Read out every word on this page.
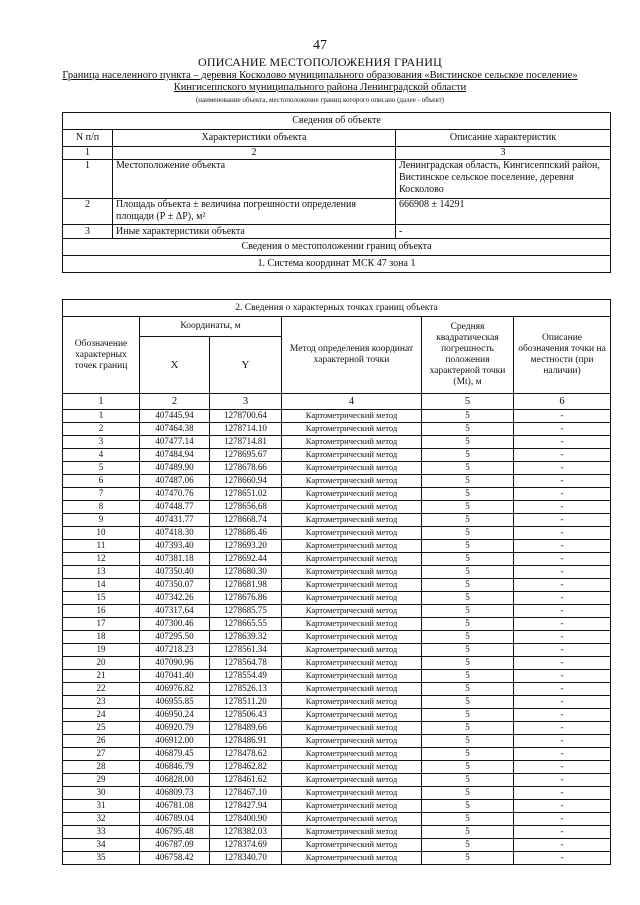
47
ОПИСАНИЕ МЕСТОПОЛОЖЕНИЯ ГРАНИЦ
Граница населенного пункта – деревня Косколово муниципального образования «Вистинское сельское поселение»
Кингисеппского муниципального района Ленинградской области
(наименование объекта, местоположение границ которого описано (далее - объект)
Сведения об объекте		
N п/п	Характеристики объекта	Описание характеристик
1	2	3
1	Местоположение объекта	Ленинградская область, Кингисеппский район, Вистинское сельское поселение, деревня Косколово
2	Площадь объекта ± величина погрешности определения площади (Р ± ΔР), м²	666908 ± 14291
3	Иные характеристики объекта	-
Сведения о местоположении границ объекта		
1. Система координат МСК 47 зона 1		
2. Сведения о характерных точках границ объекта					
Обозначение характерных точек границ	Координаты, м		Метод определения координат характерной точки	Средняя квадратическая погрешность положения характерной точки (Mt), м	Описание обозначения точки на местности (при наличии)
	X	Y			
1	2	3	4	5	6
1	407445.94	1278700.64	Картометрический метод	5	-
2	407464.38	1278714.10	Картометрический метод	5	-
3	407477.14	1278714.81	Картометрический метод	5	-
4	407484.94	1278695.67	Картометрический метод	5	-
5	407489.90	1278678.66	Картометрический метод	5	-
6	407487.06	1278660.94	Картометрический метод	5	-
7	407470.76	1278651.02	Картометрический метод	5	-
8	407448.77	1278656.68	Картометрический метод	5	-
9	407431.77	1278668.74	Картометрический метод	5	-
10	407418.30	1278686.46	Картометрический метод	5	-
11	407393.40	1278693.20	Картометрический метод	5	-
12	407381.18	1278692.44	Картометрический метод	5	-
13	407350.40	1278680.30	Картометрический метод	5	-
14	407350.07	1278681.98	Картометрический метод	5	-
15	407342.26	1278676.86	Картометрический метод	5	-
16	407317.64	1278685.75	Картометрический метод	5	-
17	407300.46	1278665.55	Картометрический метод	5	-
18	407295.50	1278639.32	Картометрический метод	5	-
19	407218.23	1278561.34	Картометрический метод	5	-
20	407090.96	1278564.78	Картометрический метод	5	-
21	407041.40	1278554.49	Картометрический метод	5	-
22	406976.82	1278526.13	Картометрический метод	5	-
23	406955.85	1278511.20	Картометрический метод	5	-
24	406950.24	1278506.43	Картометрический метод	5	-
25	406920.79	1278489.66	Картометрический метод	5	-
26	406912.00	1278486.91	Картометрический метод	5	-
27	406879.45	1278478.62	Картометрический метод	5	-
28	406846.79	1278462.82	Картометрический метод	5	-
29	406828.00	1278461.62	Картометрический метод	5	-
30	406809.73	1278467.10	Картометрический метод	5	-
31	406781.08	1278427.94	Картометрический метод	5	-
32	406789.04	1278400.90	Картометрический метод	5	-
33	406795.48	1278382.03	Картометрический метод	5	-
34	406787.09	1278374.69	Картометрический метод	5	-
35	406758.42	1278340.70	Картометрический метод	5	-
